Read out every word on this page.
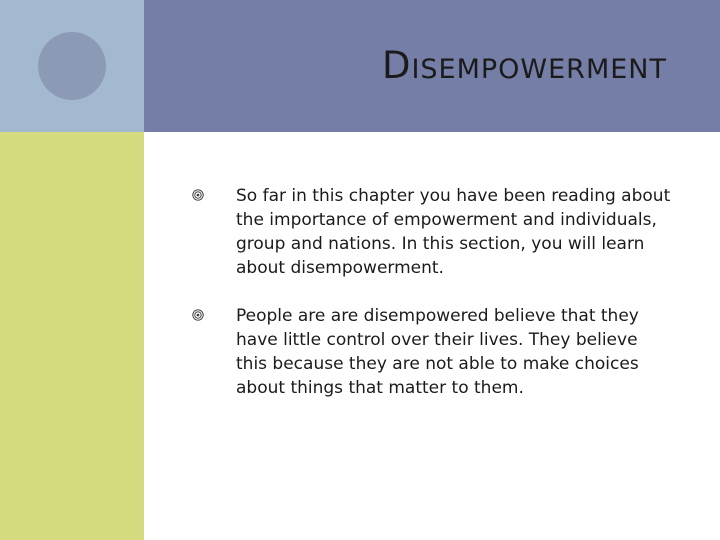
DISEMPOWERMENT
So far in this chapter you have been reading about the importance of empowerment and individuals, group and nations. In this section, you will learn about disempowerment.
People are are disempowered believe that they have little control over their lives. They believe this because they are not able to make choices about things that matter to them.
